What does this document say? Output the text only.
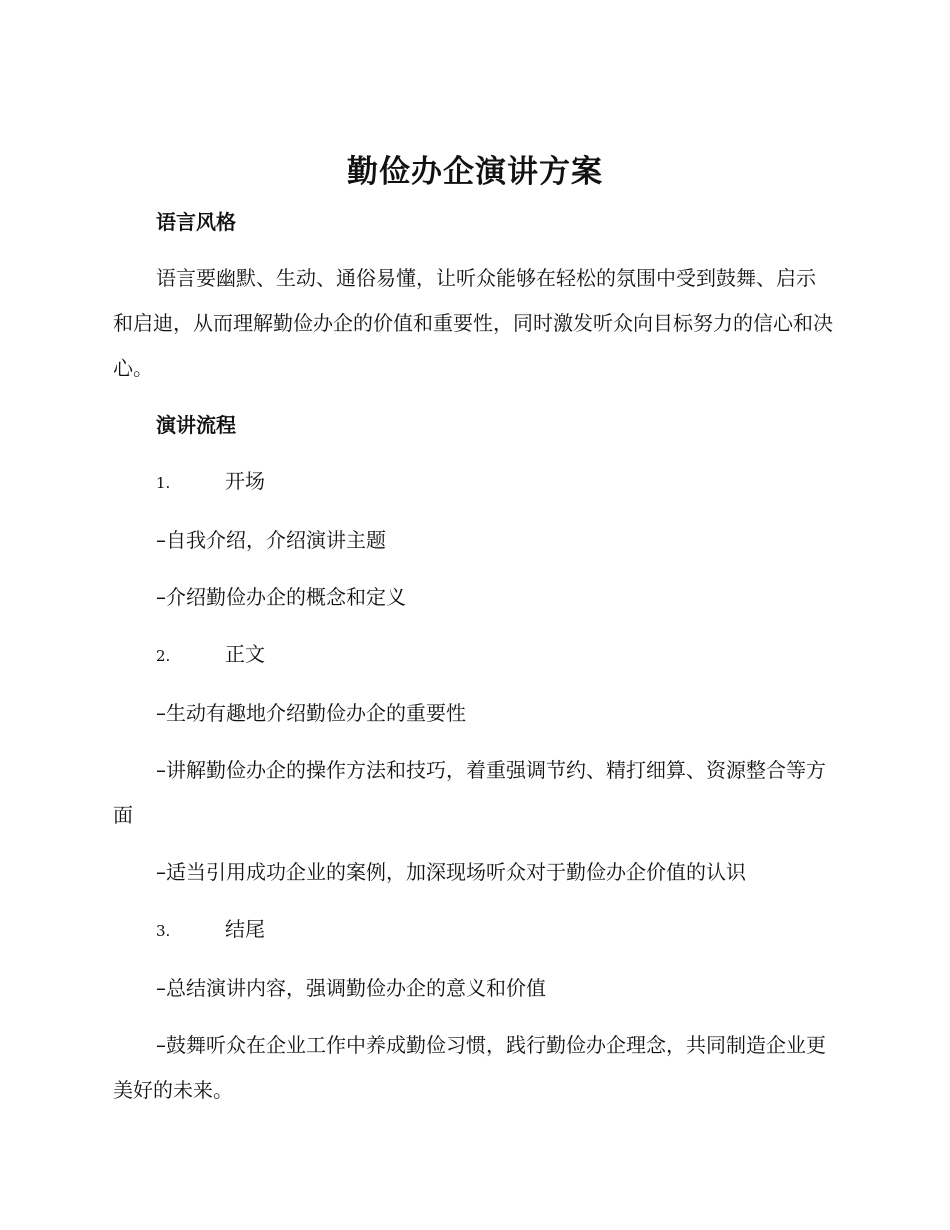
勤俭办企演讲方案

语言风格

语言要幽默、生动、通俗易懂，让听众能够在轻松的氛围中受到鼓舞、启示和启迪，从而理解勤俭办企的价值和重要性，同时激发听众向目标努力的信心和决心。

演讲流程

1.	开场

–自我介绍，介绍演讲主题

–介绍勤俭办企的概念和定义

2.	正文

–生动有趣地介绍勤俭办企的重要性

–讲解勤俭办企的操作方法和技巧，着重强调节约、精打细算、资源整合等方面

–适当引用成功企业的案例，加深现场听众对于勤俭办企价值的认识

3.	结尾

–总结演讲内容，强调勤俭办企的意义和价值

–鼓舞听众在企业工作中养成勤俭习惯，践行勤俭办企理念，共同制造企业更美好的未来。
